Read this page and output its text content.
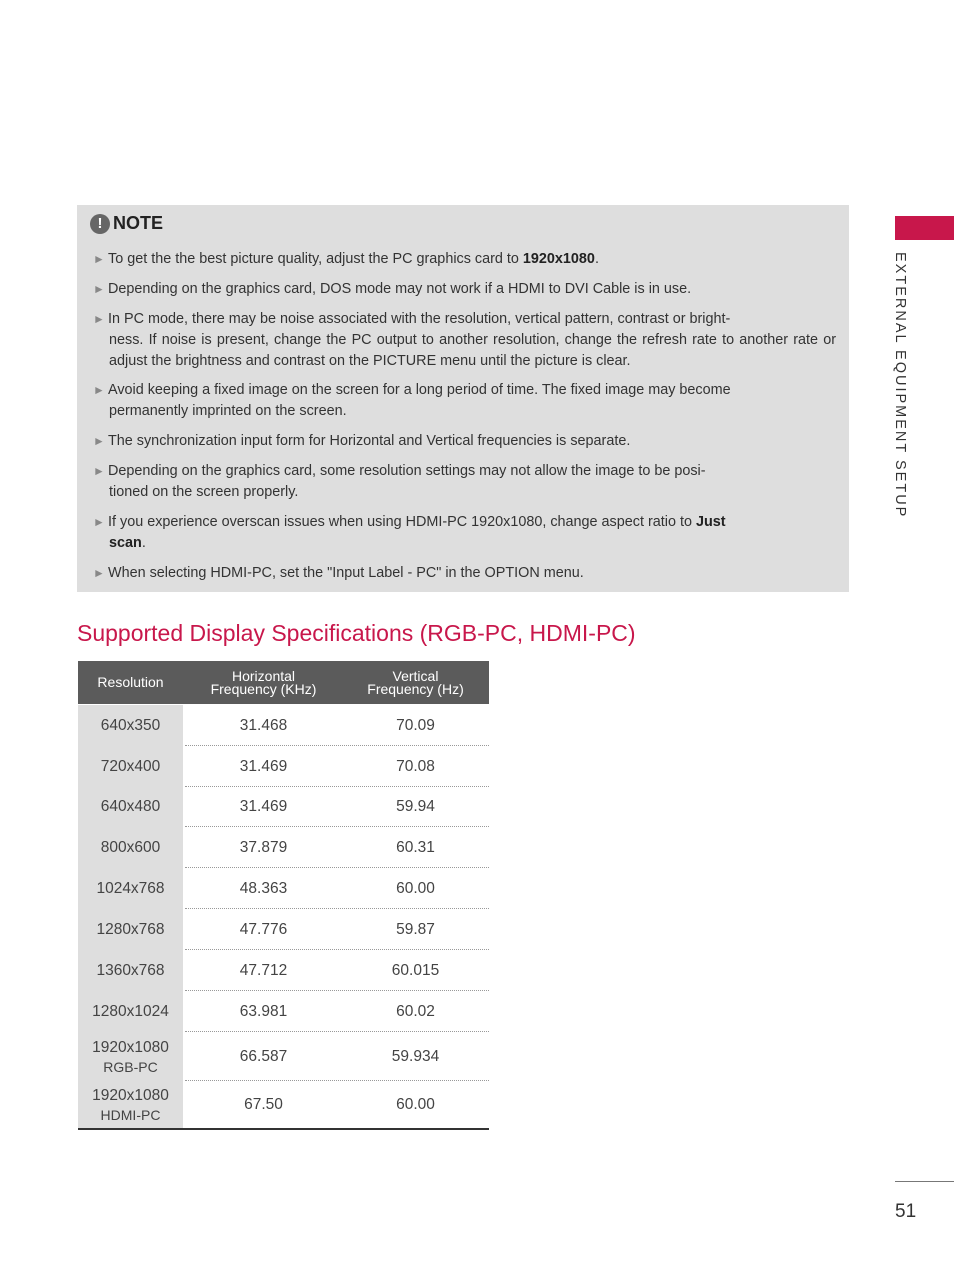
EXTERNAL EQUIPMENT SETUP
! NOTE
► To get the the best picture quality, adjust the PC graphics card to 1920x1080.
► Depending on the graphics card, DOS mode may not work if a HDMI to DVI Cable is in use.
► In PC mode, there may be noise associated with the resolution, vertical pattern, contrast or bright-
ness. If noise is present, change the PC output to another resolution, change the refresh rate to another rate or adjust the brightness and contrast on the PICTURE menu until the picture is clear.
► Avoid keeping a fixed image on the screen for a long period of time. The fixed image may become
permanently imprinted on the screen.
► The synchronization input form for Horizontal and Vertical frequencies is separate.
► Depending on the graphics card, some resolution settings may not allow the image to be posi-
tioned on the screen properly.
► If you experience overscan issues when using HDMI-PC 1920x1080, change aspect ratio to Just
scan.
► When selecting HDMI-PC, set the "Input Label - PC" in the OPTION menu.
Supported Display Specifications (RGB-PC, HDMI-PC)
Resolution	Horizontal
Frequency (KHz)
Vertical
Frequency (Hz)
640x350	31.468	70.09
720x400	31.469	70.08
640x480	31.469	59.94
800x600	37.879	60.31
1024x768	48.363	60.00
1280x768	47.776	59.87
1360x768	47.712	60.015
1280x1024	63.981	60.02
1920x1080
RGB-PC
66.587	59.934
1920x1080
HDMI-PC
67.50	60.00
51
